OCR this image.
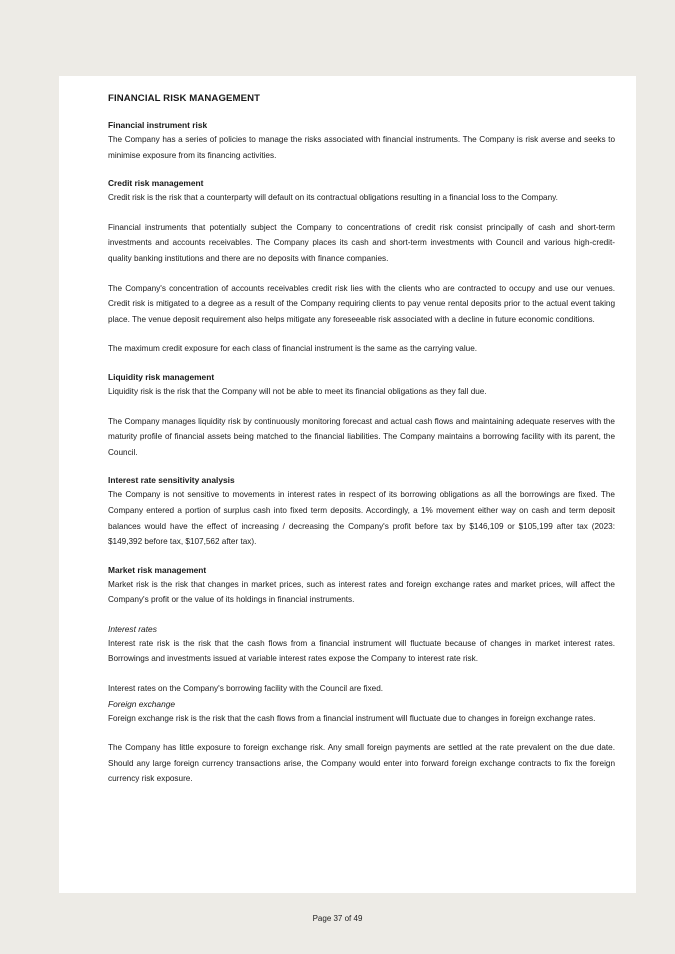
FINANCIAL RISK MANAGEMENT
Financial instrument risk
The Company has a series of policies to manage the risks associated with financial instruments. The Company is risk averse and seeks to minimise exposure from its financing activities.
Credit risk management
Credit risk is the risk that a counterparty will default on its contractual obligations resulting in a financial loss to the Company.
Financial instruments that potentially subject the Company to concentrations of credit risk consist principally of cash and short-term investments and accounts receivables. The Company places its cash and short-term investments with Council and various high-credit-quality banking institutions and there are no deposits with finance companies.
The Company's concentration of accounts receivables credit risk lies with the clients who are contracted to occupy and use our venues. Credit risk is mitigated to a degree as a result of the Company requiring clients to pay venue rental deposits prior to the actual event taking place. The venue deposit requirement also helps mitigate any foreseeable risk associated with a decline in future economic conditions.
The maximum credit exposure for each class of financial instrument is the same as the carrying value.
Liquidity risk management
Liquidity risk is the risk that the Company will not be able to meet its financial obligations as they fall due.
The Company manages liquidity risk by continuously monitoring forecast and actual cash flows and maintaining adequate reserves with the maturity profile of financial assets being matched to the financial liabilities. The Company maintains a borrowing facility with its parent, the Council.
Interest rate sensitivity analysis
The Company is not sensitive to movements in interest rates in respect of its borrowing obligations as all the borrowings are fixed. The Company entered a portion of surplus cash into fixed term deposits. Accordingly, a 1% movement either way on cash and term deposit balances would have the effect of increasing / decreasing the Company's profit before tax by $146,109 or $105,199 after tax (2023: $149,392 before tax, $107,562 after tax).
Market risk management
Market risk is the risk that changes in market prices, such as interest rates and foreign exchange rates and market prices, will affect the Company's profit or the value of its holdings in financial instruments.
Interest rates
Interest rate risk is the risk that the cash flows from a financial instrument will fluctuate because of changes in market interest rates. Borrowings and investments issued at variable interest rates expose the Company to interest rate risk.
Interest rates on the Company's borrowing facility with the Council are fixed.
Foreign exchange
Foreign exchange risk is the risk that the cash flows from a financial instrument will fluctuate due to changes in foreign exchange rates.
The Company has little exposure to foreign exchange risk. Any small foreign payments are settled at the rate prevalent on the due date. Should any large foreign currency transactions arise, the Company would enter into forward foreign exchange contracts to fix the foreign currency risk exposure.
Page 37 of 49
